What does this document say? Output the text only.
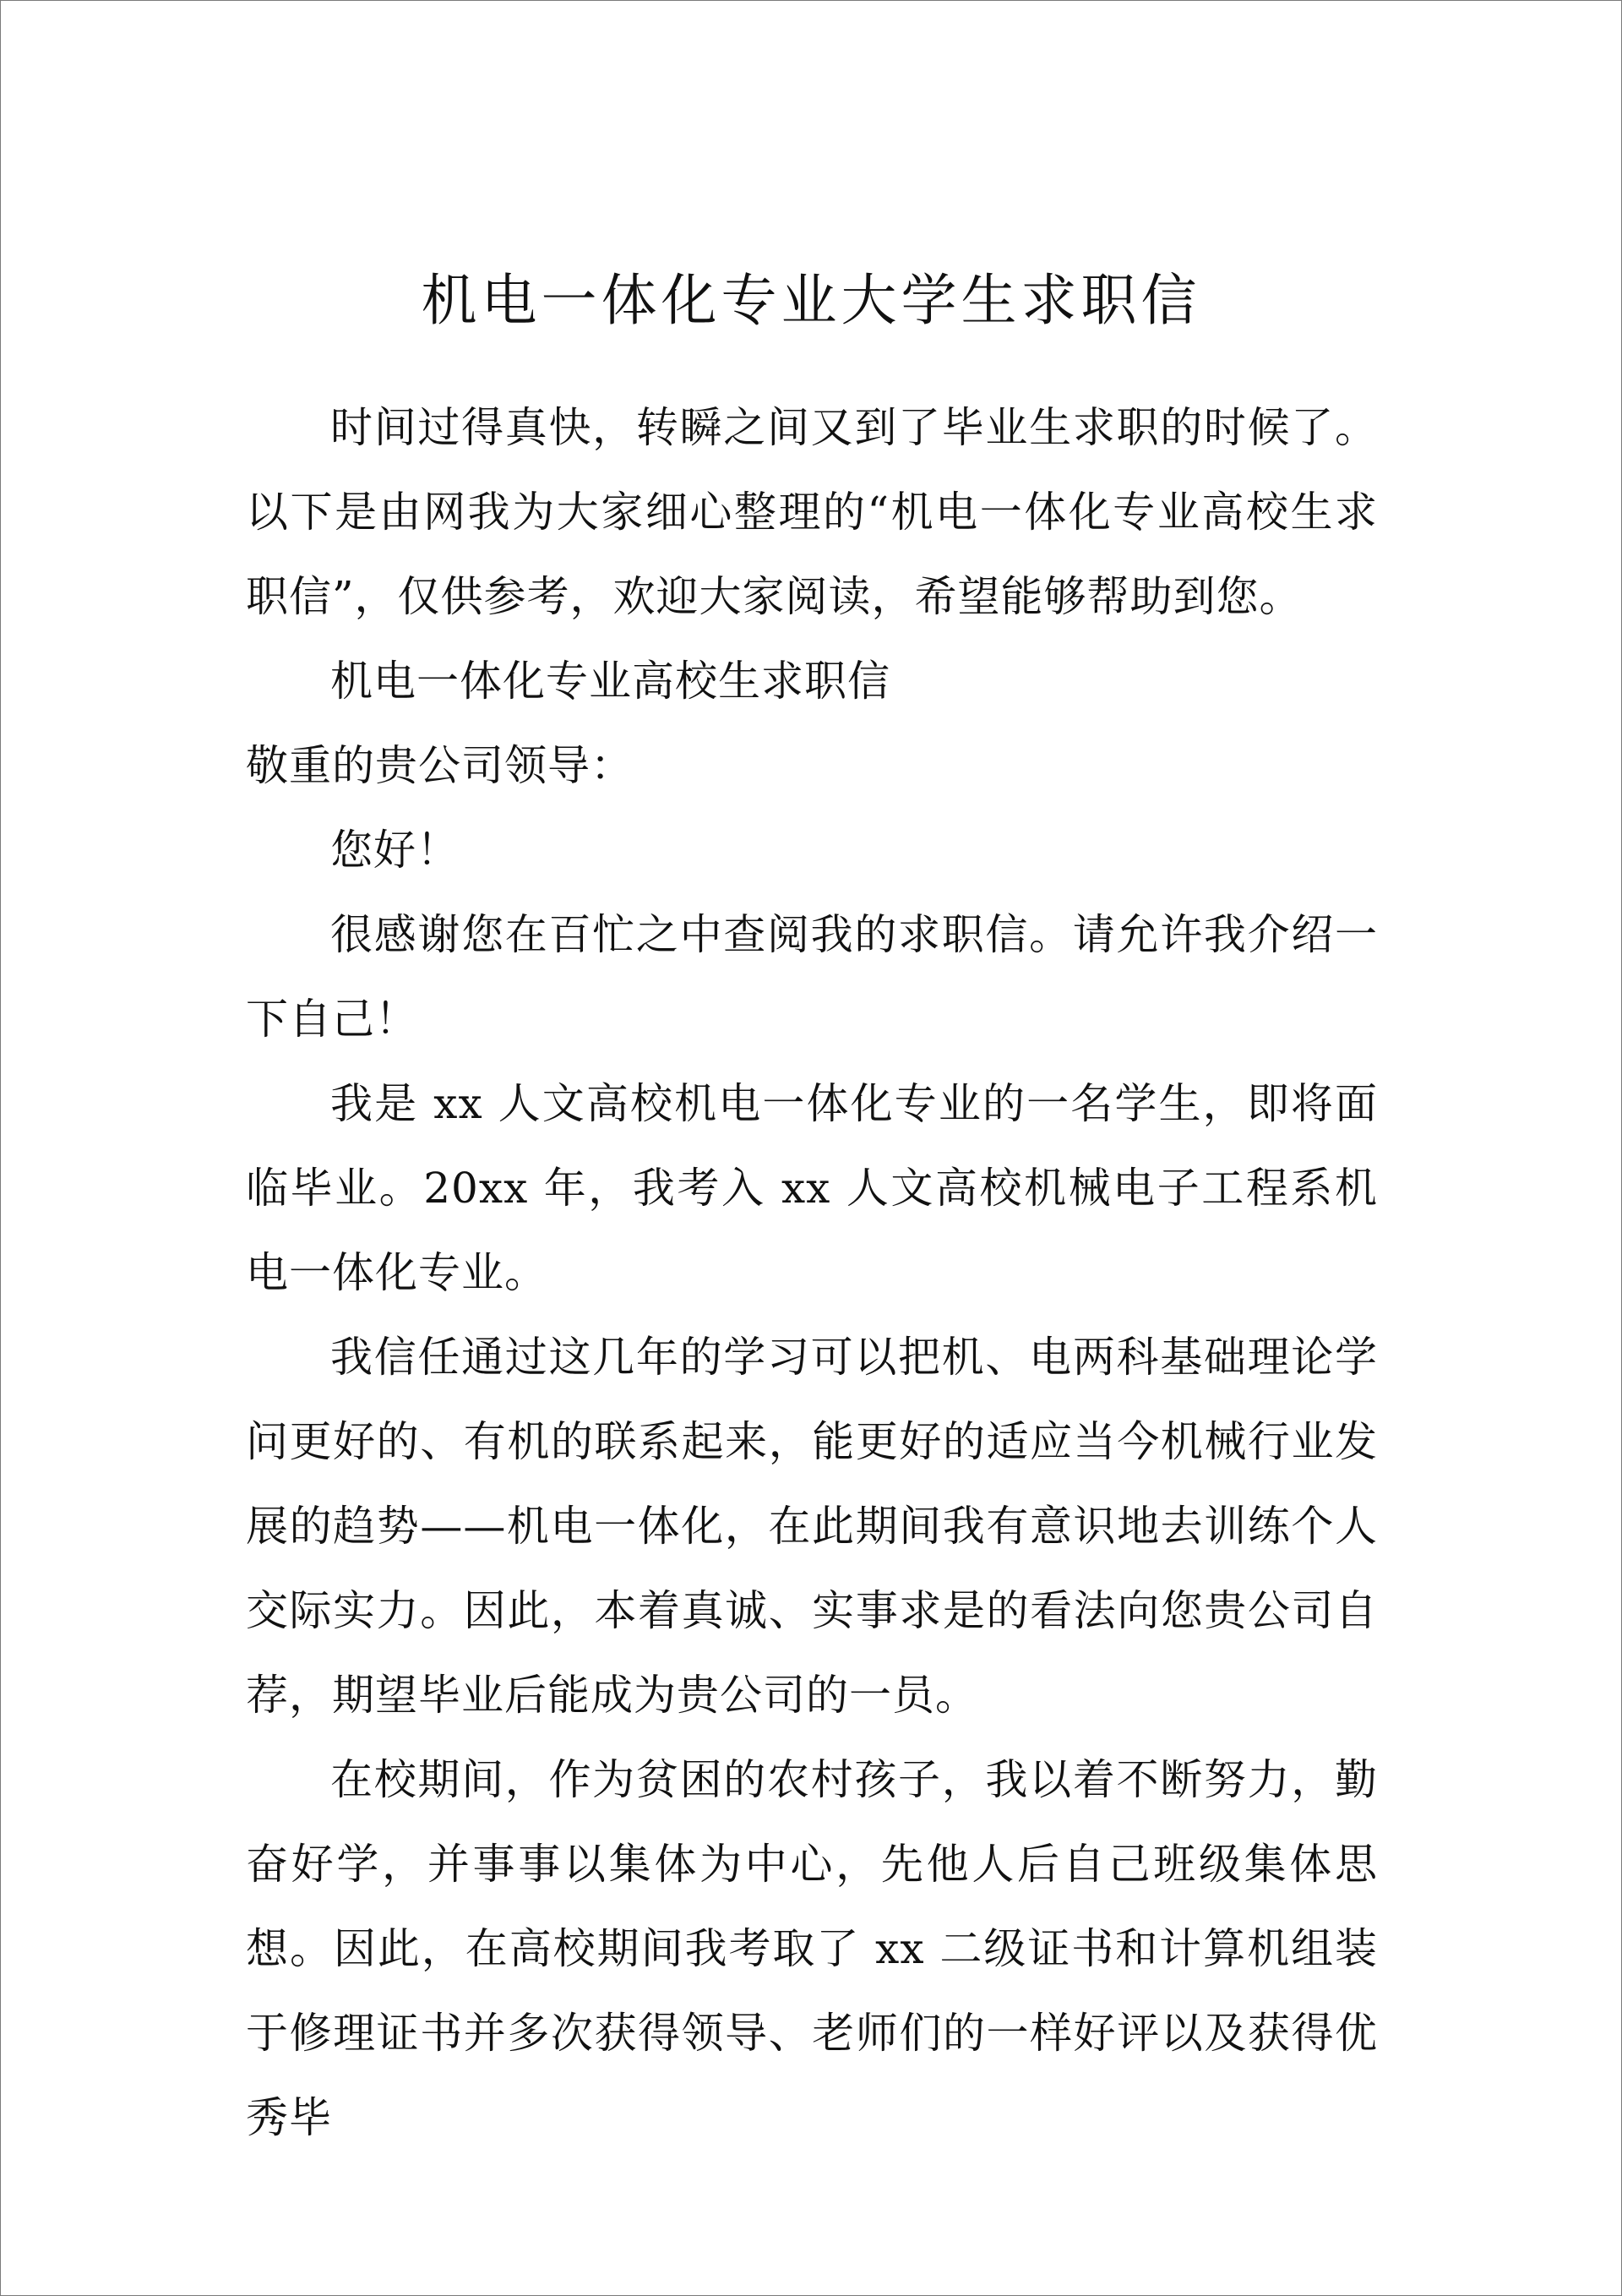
机电一体化专业大学生求职信

时间过得真快，转瞬之间又到了毕业生求职的时候了。以下是由网我为大家细心整理的“机电一体化专业高校生求职信”，仅供参考，欢迎大家阅读，希望能够帮助到您。

机电一体化专业高校生求职信

敬重的贵公司领导：

您好！

很感谢您在百忙之中查阅我的求职信。请允许我介绍一下自己！

我是 xx 人文高校机电一体化专业的一名学生，即将面临毕业。20xx 年，我考入 xx 人文高校机械电子工程系机电一体化专业。

我信任通过这几年的学习可以把机、电两科基础理论学问更好的、有机的联系起来，能更好的适应当今机械行业发展的趋势——机电一体化，在此期间我有意识地去训练个人交际实力。因此，本着真诚、实事求是的看法向您贵公司自荐，期望毕业后能成为贵公司的一员。

在校期间，作为贫困的农村孩子，我以着不断努力，勤奋好学，并事事以集体为中心，先他人后自己班级集体思想。因此，在高校期间我考取了 xx 二级证书和计算机组装于修理证书并多次获得领导、老师们的一样好评以及获得优秀毕
